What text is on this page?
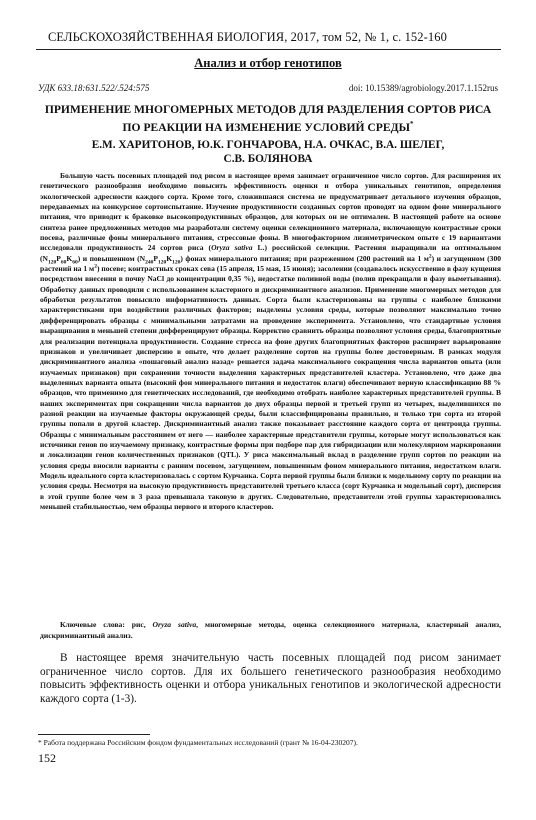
СЕЛЬСКОХОЗЯЙСТВЕННАЯ БИОЛОГИЯ, 2017, том 52, № 1, с. 152-160
Анализ и отбор генотипов
УДК 633.18:631.522/.524:575	doi: 10.15389/agrobiology.2017.1.152rus
ПРИМЕНЕНИЕ МНОГОМЕРНЫХ МЕТОДОВ ДЛЯ РАЗДЕЛЕНИЯ СОРТОВ РИСА ПО РЕАКЦИИ НА ИЗМЕНЕНИЕ УСЛОВИЙ СРЕДЫ*
Е.М. ХАРИТОНОВ, Ю.К. ГОНЧАРОВА, Н.А. ОЧКАС, В.А. ШЕЛЕГ,
С.В. БОЛЯНОВА
Большую часть посевных площадей под рисом в настоящее время занимает ограниченное число сортов. Для расширения их генетического разнообразия необходимо повысить эффективность оценки и отбора уникальных генотипов, определения экологической адресности каждого сорта. Кроме того, сложившаяся система не предусматривает детального изучения образцов, передаваемых на конкурсное сортоиспытание. Изучение продуктивности созданных сортов проводят на одном фоне минерального питания, что приводит к браковке высокопродуктивных образцов, для которых он не оптимален. В настоящей работе на основе синтеза ранее предложенных методов мы разработали систему оценки селекционного материала, включающую контрастные сроки посева, различные фоны минерального питания, стрессовые фоны. В многофакторном лизиметрическом опыте с 19 вариантами исследовали продуктивность 24 сортов риса (Oryza sativa L.) российской селекции. Растения выращивали на оптимальном $(N_{120}P_{60}K_{60})$ и повышенном $(N_{240}P_{120}K_{120})$ фонах минерального питания; при разреженном (200 растений на 1 $м^2$) и загущенном (300 растений на 1 $м^2$) посеве; контрастных сроках сева (15 апреля, 15 мая, 15 июня); засолении (создавалось искусственно в фазу кущения посредством внесения в почву NaCl до концентрации 0,35 %), недостатке поливной воды (полив прекращали в фазу выметывания). Обработку данных проводили с использованием кластерного и дискриминантного анализов. Применение многомерных методов для обработки результатов повысило информативность данных. Сорта были кластеризованы на группы с наиболее близкими характеристиками при воздействии различных факторов; выделены условия среды, которые позволяют максимально точно дифференцировать образцы с минимальными затратами на проведение эксперимента. Установлено, что стандартные условия выращивания в меньшей степени дифференцируют образцы. Корректно сравнить образцы позволяют условия среды, благоприятные для реализации потенциала продуктивности. Создание стресса на фоне других благоприятных факторов расширяет варьирование признаков и увеличивает дисперсию в опыте, что делает разделение сортов на группы более достоверным. В рамках модуля дискриминантного анализа «пошаговый анализ назад» решается задача максимального сокращения числа вариантов опыта (или изучаемых признаков) при сохранении точности выделения характерных представителей кластера. Установлено, что даже два выделенных варианта опыта (высокий фон минерального питания и недостаток влаги) обеспечивают верную классификацию 88 % образцов, что применимо для генетических исследований, где необходимо отобрать наиболее характерных представителей группы. В наших экспериментах при сокращении числа вариантов до двух образцы первой и третьей групп из четырех, выделившихся по разной реакции на изучаемые факторы окружающей среды, были классифицированы правильно, и только три сорта из второй группы попали в другой кластер. Дискриминантный анализ также показывает расстояние каждого сорта от центроида группы. Образцы с минимальным расстоянием от него — наиболее характерные представители группы, которые могут использоваться как источники генов по изучаемому признаку, контрастные формы при подборе пар для гибридизации или молекулярном маркировании и локализации генов количественных признаков (QTL). У риса максимальный вклад в разделение групп сортов по реакции на условия среды вносили варианты с ранним посевом, загущением, повышенным фоном минерального питания, недостатком влаги. Модель идеального сорта кластеризовалась с сортом Курчанка. Сорта первой группы были близки к модельному сорту по реакции на условия среды. Несмотря на высокую продуктивность представителей третьего класса (сорт Курчанка и модельный сорт), дисперсия в этой группе более чем в 3 раза превышала таковую в других. Следовательно, представители этой группы характеризовались меньшей стабильностью, чем образцы первого и второго кластеров.
Ключевые слова: рис, Oryza sativa, многомерные методы, оценка селекционного материала, кластерный анализ, дискриминантный анализ.
В настоящее время значительную часть посевных площадей под рисом занимает ограниченное число сортов. Для их большего генетического разнообразия необходимо повысить эффективность оценки и отбора уникальных генотипов и экологической адресности каждого сорта (1-3).
* Работа поддержана Российским фондом фундаментальных исследований (грант № 16-04-230207).
152
